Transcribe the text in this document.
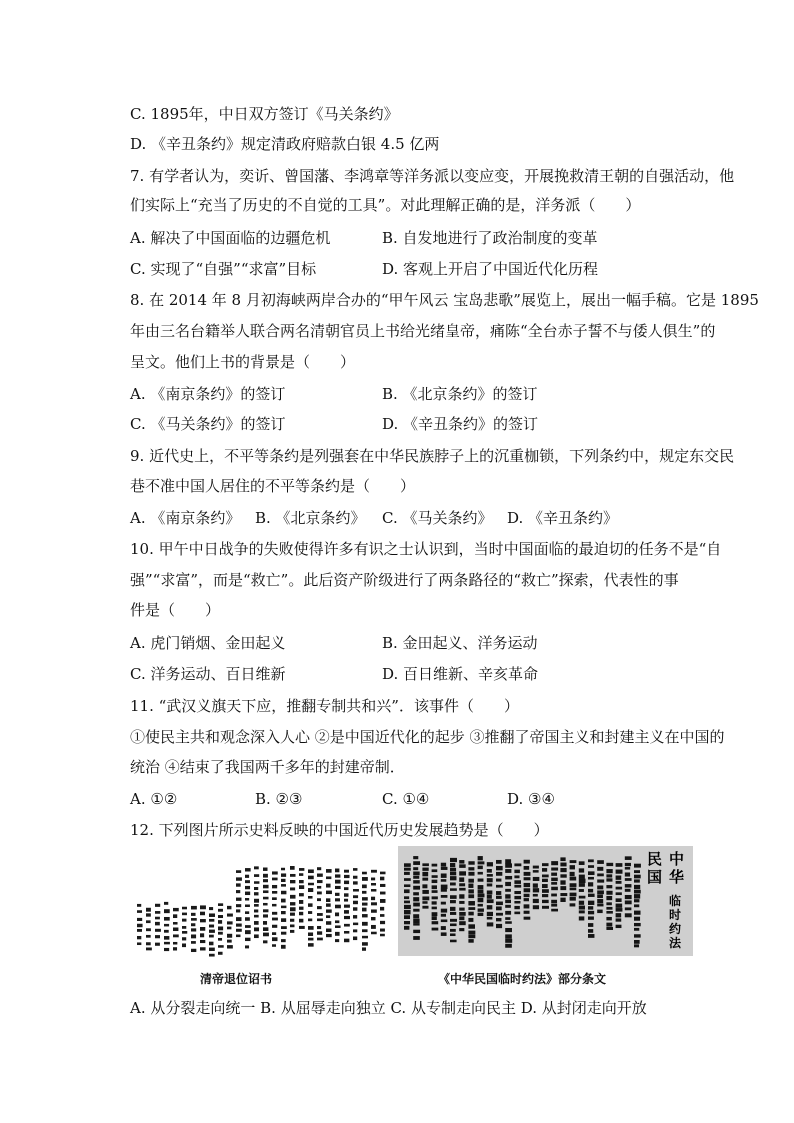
C. 1895年，中日双方签订《马关条约》
D. 《辛丑条约》规定清政府赔款白银 4.5 亿两
7. 有学者认为，奕䜣、曾国藩、李鸿章等洋务派以变应变，开展挽救清王朝的自强活动，他
们实际上“充当了历史的不自觉的工具”。对此理解正确的是，洋务派（　　）
A. 解决了中国面临的边疆危机	B. 自发地进行了政治制度的变革
C. 实现了“自强”“求富”目标	D. 客观上开启了中国近代化历程
8. 在 2014 年 8 月初海峡两岸合办的“甲午风云 宝岛悲歌”展览上，展出一幅手稿。它是 1895
年由三名台籍举人联合两名清朝官员上书给光绪皇帝，痛陈“全台赤子誓不与倭人俱生”的
呈文。他们上书的背景是（　　）
A. 《南京条约》的签订	B. 《北京条约》的签订
C. 《马关条约》的签订	D. 《辛丑条约》的签订
9. 近代史上，不平等条约是列强套在中华民族脖子上的沉重枷锁，下列条约中，规定东交民
巷不准中国人居住的不平等条约是（　　）
A. 《南京条约》 B. 《北京条约》 C. 《马关条约》 D. 《辛丑条约》
10. 甲午中日战争的失败使得许多有识之士认识到，当时中国面临的最迫切的任务不是“自
强”“求富”，而是“救亡”。此后资产阶级进行了两条路径的“救亡”探索，代表性的事
件是（　　）
A. 虎门销烟、金田起义	B. 金田起义、洋务运动
C. 洋务运动、百日维新	D. 百日维新、辛亥革命
11. “武汉义旗天下应，推翻专制共和兴”．该事件（　　）
①使民主共和观念深入人心 ②是中国近代化的起步 ③推翻了帝国主义和封建主义在中国的
统治 ④结束了我国两千多年的封建帝制．
A. ①②	B. ②③	C. ①④	D. ③④
12. 下列图片所示史料反映的中国近代历史发展趋势是（　　）
清帝退位诏书
中
华
民
国
临
时
约
法
《中华民国临时约法》部分条文
A. 从分裂走向统一 B. 从屈辱走向独立 C. 从专制走向民主 D. 从封闭走向开放
